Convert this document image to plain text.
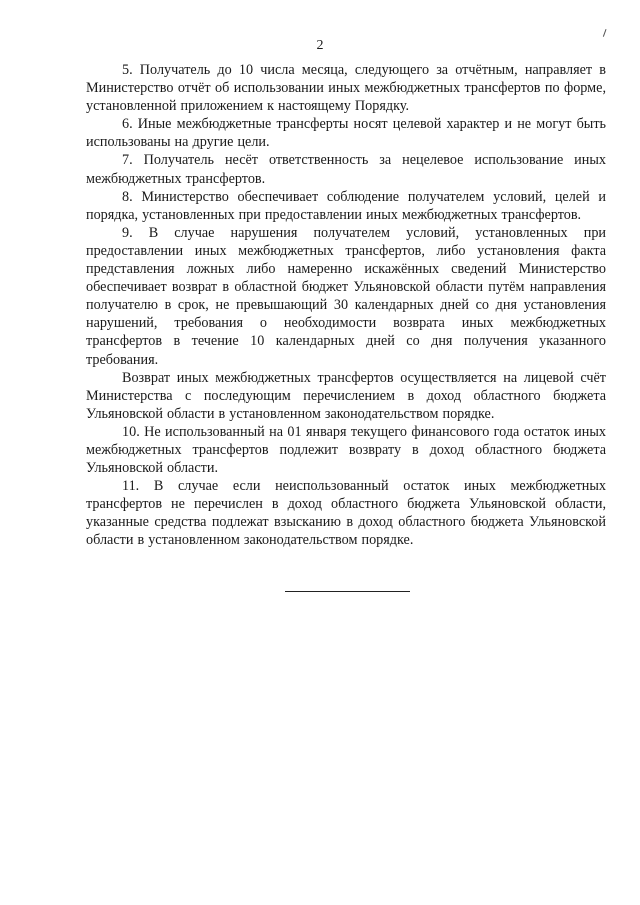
2

5. Получатель до 10 числа месяца, следующего за отчётным, направляет в Министерство отчёт об использовании иных межбюджетных трансфертов по форме, установленной приложением к настоящему Порядку.

6. Иные межбюджетные трансферты носят целевой характер и не могут быть использованы на другие цели.

7. Получатель несёт ответственность за нецелевое использование иных межбюджетных трансфертов.

8. Министерство обеспечивает соблюдение получателем условий, целей и порядка, установленных при предоставлении иных межбюджетных трансфертов.

9. В случае нарушения получателем условий, установленных при предоставлении иных межбюджетных трансфертов, либо установления факта представления ложных либо намеренно искажённых сведений Министерство обеспечивает возврат в областной бюджет Ульяновской области путём направления получателю в срок, не превышающий 30 календарных дней со дня установления нарушений, требования о необходимости возврата иных межбюджетных трансфертов в течение 10 календарных дней со дня получения указанного требования.

Возврат иных межбюджетных трансфертов осуществляется на лицевой счёт Министерства с последующим перечислением в доход областного бюджета Ульяновской области в установленном законодательством порядке.

10. Не использованный на 01 января текущего финансового года остаток иных межбюджетных трансфертов подлежит возврату в доход областного бюджета Ульяновской области.

11. В случае если неиспользованный остаток иных межбюджетных трансфертов не перечислен в доход областного бюджета Ульяновской области, указанные средства подлежат взысканию в доход областного бюджета Ульяновской области в установленном законодательством порядке.
